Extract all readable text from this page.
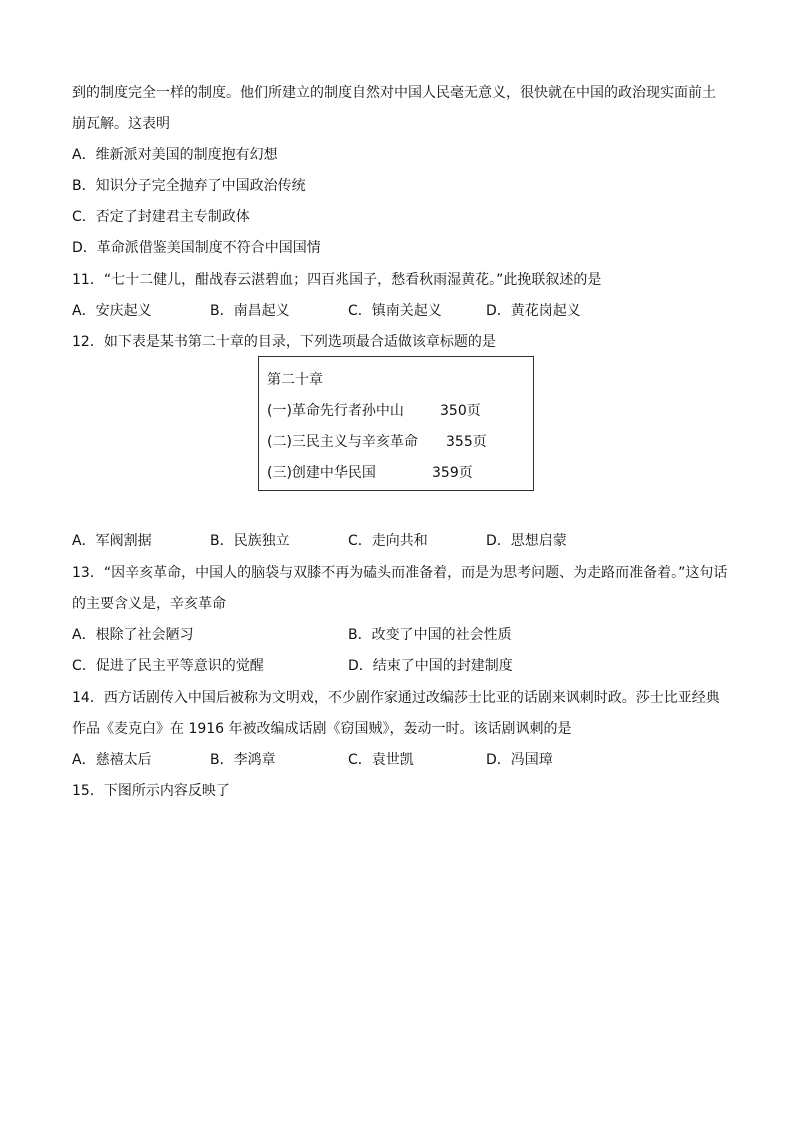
到的制度完全一样的制度。他们所建立的制度自然对中国人民毫无意义，很快就在中国的政治现实面前土
崩瓦解。这表明
A．维新派对美国的制度抱有幻想
B．知识分子完全抛弃了中国政治传统
C．否定了封建君主专制政体
D．革命派借鉴美国制度不符合中国国情
11．“七十二健儿，酣战春云湛碧血；四百兆国子，愁看秋雨湿黄花。”此挽联叙述的是
A．安庆起义	B．南昌起义	C．镇南关起义	D．黄花岗起义
12．如下表是某书第二十章的目录，下列选项最合适做该章标题的是
第二十章
(一)革命先行者孙中山	350页
(二)三民主义与辛亥革命 355页
(三)创建中华民国	359页
A．军阀割据	B．民族独立	C．走向共和	D．思想启蒙
13．“因辛亥革命，中国人的脑袋与双膝不再为磕头而准备着，而是为思考问题、为走路而准备着。”这句话
的主要含义是，辛亥革命
A．根除了社会陋习	B．改变了中国的社会性质
C．促进了民主平等意识的觉醒	D．结束了中国的封建制度
14．西方话剧传入中国后被称为文明戏，不少剧作家通过改编莎士比亚的话剧来讽刺时政。莎士比亚经典
作品《麦克白》在 1916 年被改编成话剧《窃国贼》，轰动一时。该话剧讽刺的是
A．慈禧太后	B．李鸿章	C．袁世凯	D．冯国璋
15．下图所示内容反映了
